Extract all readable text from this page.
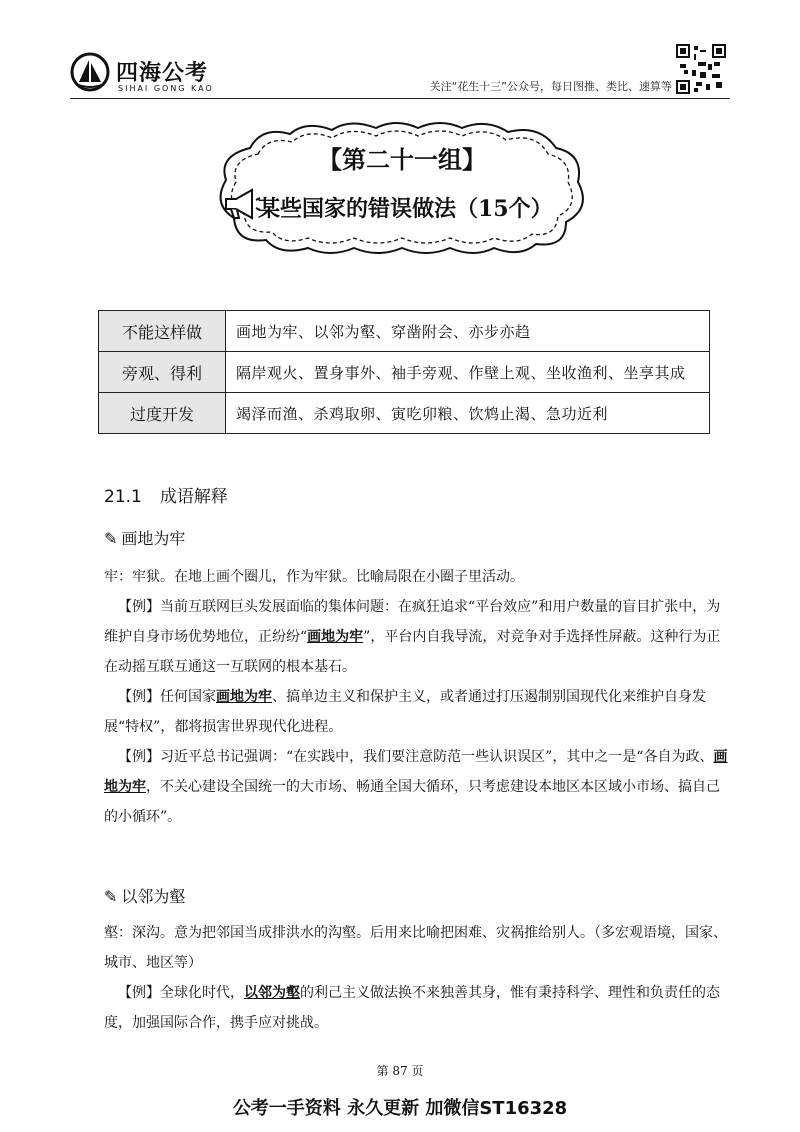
四海公考
SIHAI GONG KAO	关注“花生十三”公众号，每日图推、类比、速算等
【第二十一组】
某些国家的错误做法（15个）
不能这样做	画地为牢、以邻为壑、穿凿附会、亦步亦趋
旁观、得利	隔岸观火、置身事外、袖手旁观、作壁上观、坐收渔利、坐享其成
过度开发	竭泽而渔、杀鸡取卵、寅吃卯粮、饮鸩止渴、急功近利
21.1 成语解释
✎ 画地为牢
牢：牢狱。在地上画个圈儿，作为牢狱。比喻局限在小圈子里活动。
【例】当前互联网巨头发展面临的集体问题：在疯狂追求“平台效应”和用户数量的盲目扩张中，为维护自身市场优势地位，正纷纷“画地为牢”，平台内自我导流，对竞争对手选择性屏蔽。这种行为正在动摇互联互通这一互联网的根本基石。
【例】任何国家画地为牢、搞单边主义和保护主义，或者通过打压遏制别国现代化来维护自身发展“特权”，都将损害世界现代化进程。
【例】习近平总书记强调：“在实践中，我们要注意防范一些认识误区”，其中之一是“各自为政、画地为牢，不关心建设全国统一的大市场、畅通全国大循环，只考虑建设本地区本区域小市场、搞自己的小循环”。
✎ 以邻为壑
壑：深沟。意为把邻国当成排洪水的沟壑。后用来比喻把困难、灾祸推给别人。（多宏观语境，国家、城市、地区等）
【例】全球化时代，以邻为壑的利己主义做法换不来独善其身，惟有秉持科学、理性和负责任的态度，加强国际合作，携手应对挑战。
第 87 页
公考一手资料 永久更新 加微信ST16328
